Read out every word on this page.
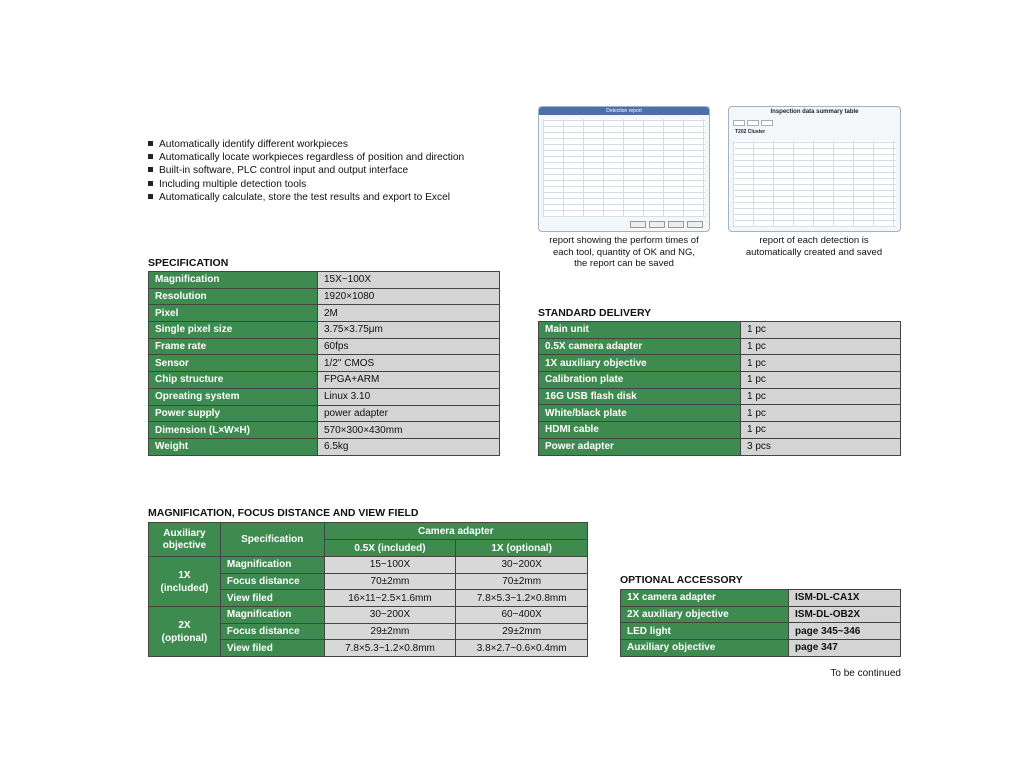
Automatically identify different workpieces
Automatically locate workpieces regardless of position and direction
Built-in software, PLC control input and output interface
Including multiple detection tools
Automatically calculate, store the test results and export to Excel
Detection report	Inspection data summary table
T202 Cluster
report showing the perform times of
each tool, quantity of OK and NG,
the report can be saved
report of each detection is
automatically created and saved
SPECIFICATION
Magnification	15X~100X
Resolution	1920×1080
Pixel	2M
Single pixel size	3.75×3.75μm
Frame rate	60fps
Sensor	1/2" CMOS
Chip structure	FPGA+ARM
Opreating system	Linux 3.10
Power supply	power adapter
Dimension (L×W×H)	570×300×430mm
Weight	6.5kg
STANDARD DELIVERY
Main unit	1 pc
0.5X camera adapter	1 pc
1X auxiliary objective	1 pc
Calibration plate	1 pc
16G USB flash disk	1 pc
White/black plate	1 pc
HDMI cable	1 pc
Power adapter	3 pcs
MAGNIFICATION, FOCUS DISTANCE AND VIEW FIELD
Auxiliary objective	Specification	Camera adapter	
		0.5X (included)	1X (optional)
1X (included)	Magnification	15~100X	30~200X
	Focus distance	70±2mm	70±2mm
	View filed	16×11~2.5×1.6mm	7.8×5.3~1.2×0.8mm
2X (optional)	Magnification	30~200X	60~400X
	Focus distance	29±2mm	29±2mm
	View filed	7.8×5.3~1.2×0.8mm	3.8×2.7~0.6×0.4mm
OPTIONAL ACCESSORY
1X camera adapter	ISM-DL-CA1X
2X auxiliary objective	ISM-DL-OB2X
LED light	page 345~346
Auxiliary objective	page 347
To be continued
